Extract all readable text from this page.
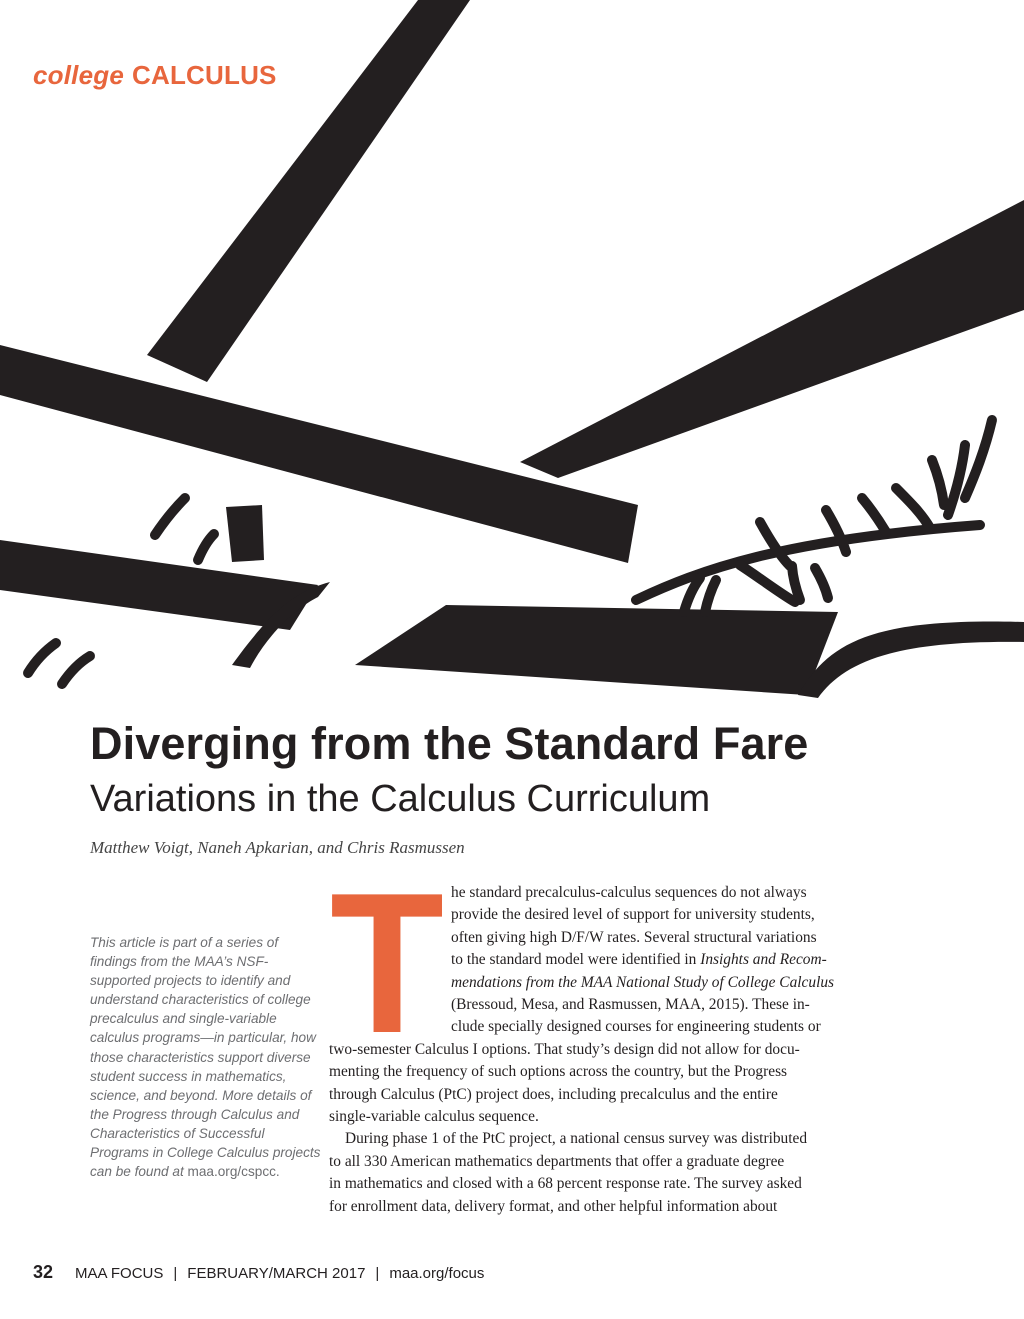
college CALCULUS
Diverging from the Standard Fare
Variations in the Calculus Curriculum
Matthew Voigt, Naneh Apkarian, and Chris Rasmussen
This article is part of a series of findings from the MAA’s NSF-supported projects to identify and understand characteristics of college precalculus and single-variable calculus programs—in particular, how those characteristics support diverse student success in mathematics, science, and beyond. More details of the Progress through Calculus and Characteristics of Successful Programs in College Calculus projects can be found at maa.org/cspcc.
T he standard precalculus-calculus sequences do not always
provide the desired level of support for university students,
often giving high D/F/W rates. Several structural variations
to the standard model were identified in Insights and Recom-
mendations from the MAA National Study of College Calculus
(Bressoud, Mesa, and Rasmussen, MAA, 2015). These in-
clude specially designed courses for engineering students or
two-semester Calculus I options. That study’s design did not allow for docu-
menting the frequency of such options across the country, but the Progress
through Calculus (PtC) project does, including precalculus and the entire
single-variable calculus sequence.
During phase 1 of the PtC project, a national census survey was distributed
to all 330 American mathematics departments that offer a graduate degree
in mathematics and closed with a 68 percent response rate. The survey asked
for enrollment data, delivery format, and other helpful information about
32 MAA FOCUS | FEBRUARY/MARCH 2017 | maa.org/focus
